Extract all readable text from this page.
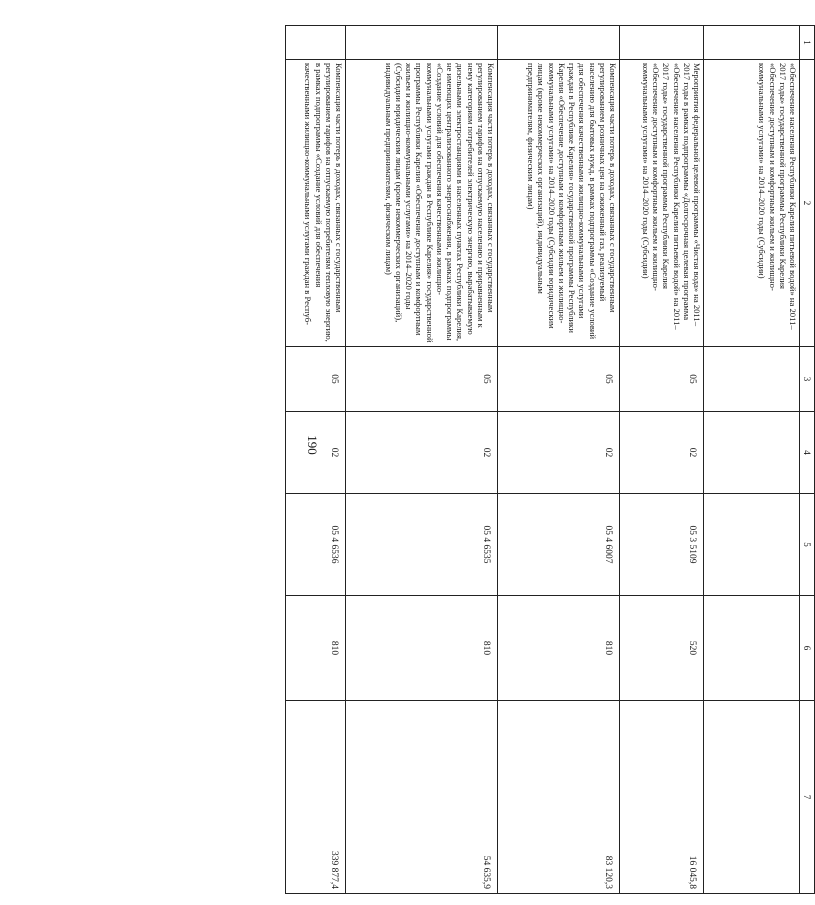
190
1	2	3	4	5	6	7
	«Обеспечение населения Республики Карелия питьевой водой» на 2011–2017 годы» государственной программы Республики Карелия «Обеспечение доступным и комфортным жильем и жилищно-коммунальными услугами» на 2014–2020 годы (Субсидии)					
	Мероприятия федеральной целевой программы «Чистая вода» на 2011–2017 годы в рамках подпрограммы «Долгосрочная целевая программа «Обеспечение населения Республики Карелия питьевой водой» на 2011–2017 годы» государственной программы Республики Карелия «Обеспечение доступным и комфортным жильем и жилищно-коммунальными услугами» на 2014–2020 годы (Субсидии)	05	02	05 3 5109	520	16 045,8
	Компенсация части потерь в доходах, связанных с государственным регулированием розничных цен на сжиженный газ, реализуемый населению для бытовых нужд, в рамках подпрограммы «Создание условий для обеспечения качественными жилищно-коммунальными услугами граждан в Республике Карелия» государственной программы Республики Карелия «Обеспечение доступным и комфортным жильем и жилищно-коммунальными услугами» на 2014–2020 годы (Субсидии юридическим лицам (кроме некоммерческих организаций), индивидуальным предпринимателям, физическим лицам)	05	02	05 4 6007	810	83 120,3
	Компенсация части потерь в доходах, связанных с государственным регулированием тарифов на отпускаемую населению и приравненным к нему категориям потребителей электрическую энергию, вырабатываемую дизельными электростанциями в населенных пунктах Республики Карелия, не имеющих централизованного энергоснабжения, в рамках подпрограммы «Создание условий для обеспечения качественными жилищно-коммунальными услугами граждан в Республике Карелия» государственной программы Республики Карелия «Обеспечение доступным и комфортным жильем и жилищно-коммунальными услугами» на 2014–2020 годы (Субсидии юридическим лицам (кроме некоммерческих организаций), индивидуальным предпринимателям, физическим лицам)	05	02	05 4 6535	810	54 635,9
	Компенсация части потерь в доходах, связанных с государственным регулированием тарифов на отпускаемую потребителям тепловую энергию, в рамках подпрограммы «Создание условий для обеспечения качественными жилищно-коммунальными услугами граждан в Респуб-	05	02	05 4 6536	810	339 877,4
